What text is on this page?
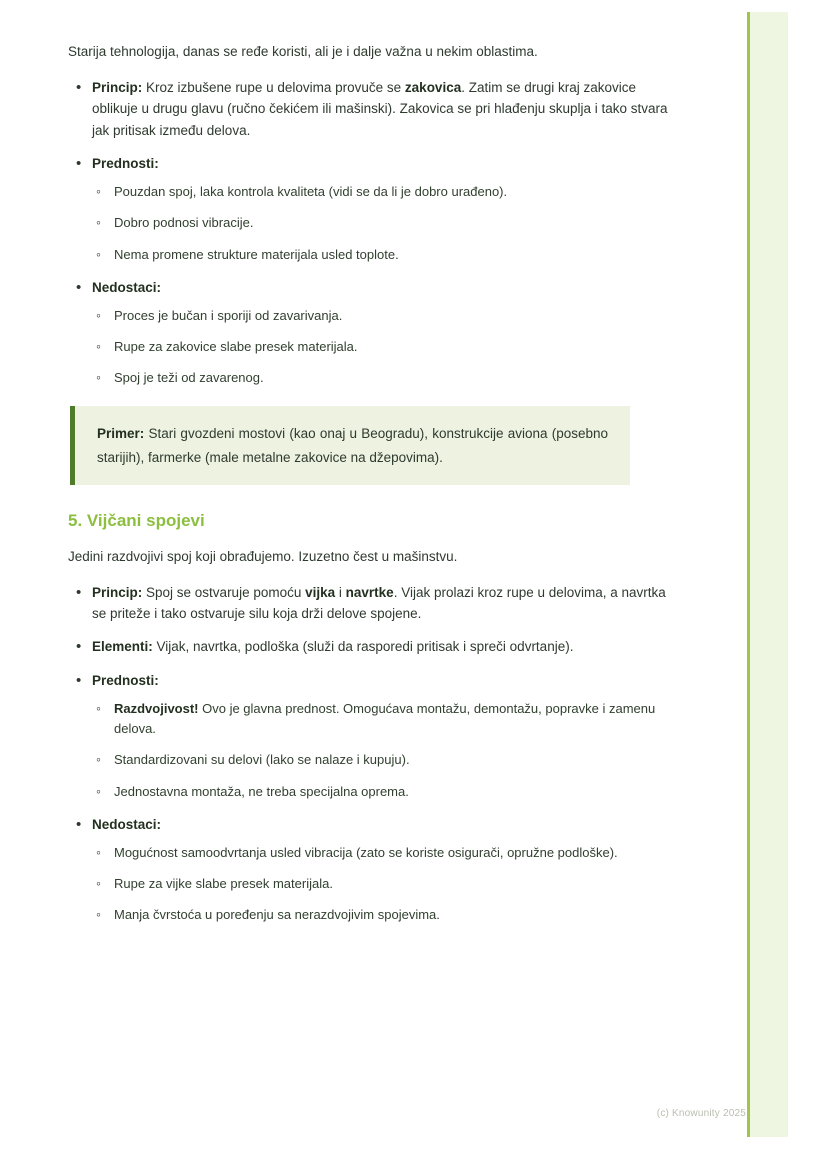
Starija tehnologija, danas se ređe koristi, ali je i dalje važna u nekim oblastima.

• Princip: Kroz izbušene rupe u delovima provuče se zakovica. Zatim se drugi kraj zakovice oblikuje u drugu glavu (ručno čekićem ili mašinski). Zakovica se pri hlađenju skuplja i tako stvara jak pritisak između delova.
• Prednosti:
◦ Pouzdan spoj, laka kontrola kvaliteta (vidi se da li je dobro urađeno).
◦ Dobro podnosi vibracije.
◦ Nema promene strukture materijala usled toplote.
• Nedostaci:
◦ Proces je bučan i sporiji od zavarivanja.
◦ Rupe za zakovice slabe presek materijala.
◦ Spoj je teži od zavarenog.
Primer: Stari gvozdeni mostovi (kao onaj u Beogradu), konstrukcije aviona (posebno starijih), farmerke (male metalne zakovice na džepovima).
5. Vijčani spojevi

Jedini razdvojivi spoj koji obrađujemo. Izuzetno čest u mašinstvu.

• Princip: Spoj se ostvaruje pomoću vijka i navrtke. Vijak prolazi kroz rupe u delovima, a navrtka se priteže i tako ostvaruje silu koja drži delove spojene.
• Elementi: Vijak, navrtka, podloška (služi da rasporedi pritisak i spreči odvrtanje).
• Prednosti:
◦ Razdvojivost! Ovo je glavna prednost. Omogućava montažu, demontažu, popravke i zamenu delova.
◦ Standardizovani su delovi (lako se nalaze i kupuju).
◦ Jednostavna montaža, ne treba specijalna oprema.
• Nedostaci:
◦ Mogućnost samoodvrtanja usled vibracija (zato se koriste osigurači, opružne podloške).
◦ Rupe za vijke slabe presek materijala.
◦ Manja čvrstoća u poređenju sa nerazdvojivim spojevima.
(c) Knowunity 2025
